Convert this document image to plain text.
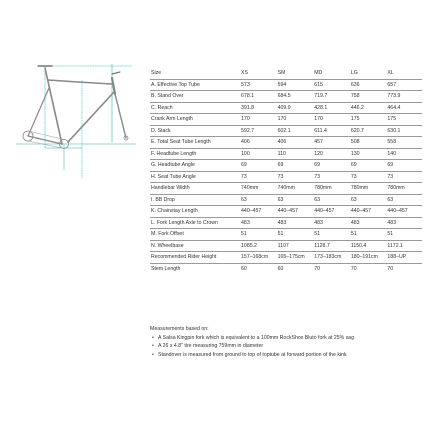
Size	XS	SM	MD	LG	XL
A. Effective Top Tube	573	594	615	636	657
B. Stand Over	678.1	684.5	719.7	758	773.9
C. Reach	391.8	409.9	428.1	446.2	464.4
Crank Arm Length	170	170	170	175	175
D. Stack	592.7	602.1	611.4	620.7	630.1
E. Total Seat Tube Length	406	406	457	508	558
F. Headtube Length	100	110	120	130	140
G. Headtube Angle	69	69	69	69	69
H. Seat Tube Angle	73	73	73	73	73
Handlebar Width	740mm	740mm	780mm	780mm	780mm
I. BB Drop	63	63	63	63	63
K. Chainstay Length	440–457	440–457	440–457	440–457	440–457
L. Fork Length Axle to Crown	483	483	483	483	483
M. Fork Offset	51	51	51	51	51
N. Wheelbase	1085.2	1107	1128.7	1150.4	1172.1
Recommended Rider Height	157–168cm	165–175cm	173–183cm	180–191cm	188–UP
Stem Length	60	60	70	70	70
Measurements based on:
• A Salsa Kingpin fork which is equivalent to a 100mm RockShox Bluto fork at 25% sag
• A 26 x 4.8" tire measuring 759mm in diameter
• Standover is measured from ground to top of toptube at forward portion of the kink
